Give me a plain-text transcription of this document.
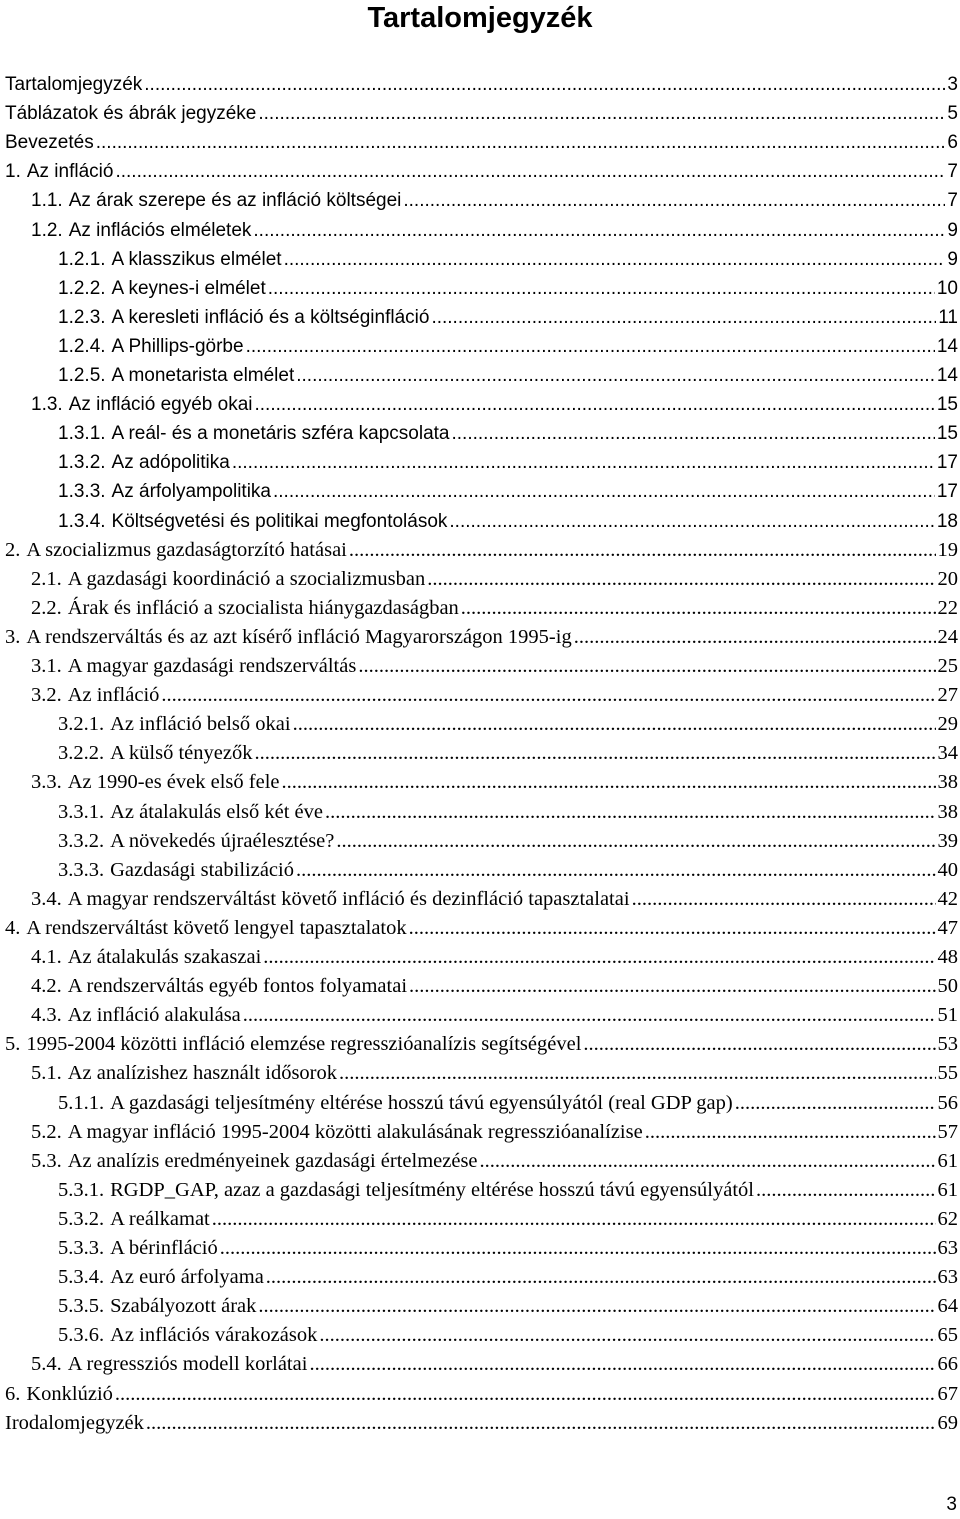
Tartalomjegyzék
Tartalomjegyzék .....	3
Táblázatok és ábrák jegyzéke .....	5
Bevezetés .....	6
1. Az infláció .....	7
1.1. Az árak szerepe és az infláció költségei .....	7
1.2. Az inflációs elméletek .....	9
1.2.1. A klasszikus elmélet .....	9
1.2.2. A keynes-i elmélet .....	10
1.2.3. A keresleti infláció és a költséginfláció .....	11
1.2.4. A Phillips-görbe .....	14
1.2.5. A monetarista elmélet .....	14
1.3. Az infláció egyéb okai .....	15
1.3.1. A reál- és a monetáris szféra kapcsolata .....	15
1.3.2. Az adópolitika .....	17
1.3.3. Az árfolyampolitika .....	17
1.3.4. Költségvetési és politikai megfontolások .....	18
2. A szocializmus gazdaságtorzító hatásai .....	19
2.1. A gazdasági koordináció a szocializmusban .....	20
2.2. Árak és infláció a szocialista hiánygazdaságban .....	22
3. A rendszerváltás és az azt kísérő infláció Magyarországon 1995-ig .....	24
3.1. A magyar gazdasági rendszerváltás .....	25
3.2. Az infláció .....	27
3.2.1. Az infláció belső okai .....	29
3.2.2. A külső tényezők .....	34
3.3. Az 1990-es évek első fele .....	38
3.3.1. Az átalakulás első két éve .....	38
3.3.2. A növekedés újraélesztése? .....	39
3.3.3. Gazdasági stabilizáció .....	40
3.4. A magyar rendszerváltást követő infláció és dezinfláció tapasztalatai .....	42
4. A rendszerváltást követő lengyel tapasztalatok .....	47
4.1. Az átalakulás szakaszai .....	48
4.2. A rendszerváltás egyéb fontos folyamatai .....	50
4.3. Az infláció alakulása .....	51
5. 1995-2004 közötti infláció elemzése regresszióanalízis segítségével .....	53
5.1. Az analízishez használt idősorok .....	55
5.1.1. A gazdasági teljesítmény eltérése hosszú távú egyensúlyától (real GDP gap) .....	56
5.2. A magyar infláció 1995-2004 közötti alakulásának regresszióanalízise .....	57
5.3. Az analízis eredményeinek gazdasági értelmezése .....	61
5.3.1. RGDP_GAP, azaz a gazdasági teljesítmény eltérése hosszú távú egyensúlyától .....	61
5.3.2. A reálkamat .....	62
5.3.3. A bérinfláció .....	63
5.3.4. Az euró árfolyama .....	63
5.3.5. Szabályozott árak .....	64
5.3.6. Az inflációs várakozások .....	65
5.4. A regressziós modell korlátai .....	66
6. Konklúzió .....	67
Irodalomjegyzék .....	69
3
